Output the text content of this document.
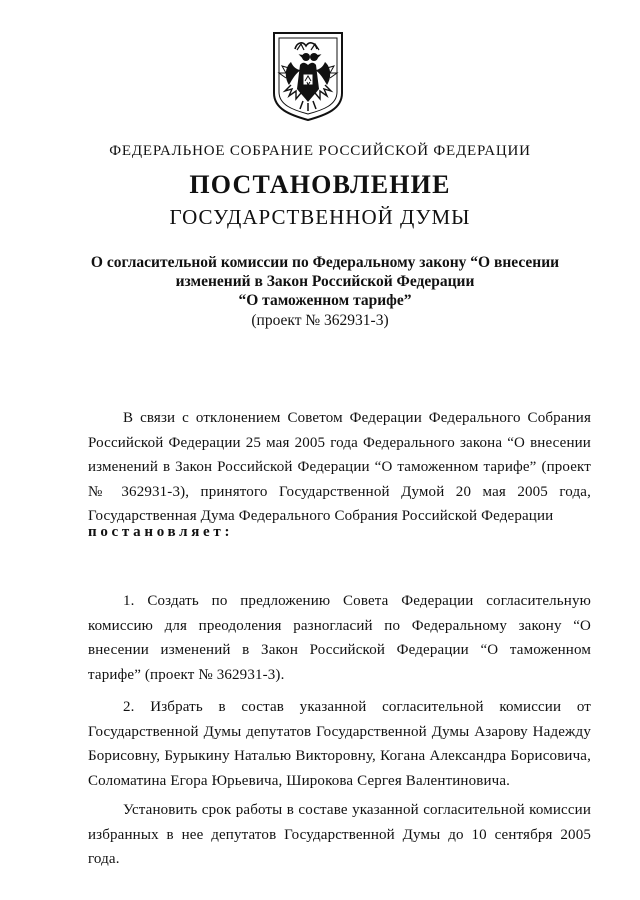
ФЕДЕРАЛЬНОЕ СОБРАНИЕ РОССИЙСКОЙ ФЕДЕРАЦИИ
ПОСТАНОВЛЕНИЕ
ГОСУДАРСТВЕННОЙ ДУМЫ
О согласительной комиссии по Федеральному закону “О внесении
изменений в Закон Российской Федерации
“О таможенном тарифе”
(проект № 362931-3)

В связи с отклонением Советом Федерации Федерального Собрания Российской Федерации 25 мая 2005 года Федерального закона “О внесении изменений в Закон Российской Федерации “О таможенном тарифе” (проект № 362931-3), принятого Государственной Думой 20 мая 2005 года, Государственная Дума Федерального Собрания Российской Федерации

постановляет:

1. Создать по предложению Совета Федерации согласительную комиссию для преодоления разногласий по Федеральному закону “О внесении изменений в Закон Российской Федерации “О таможенном тарифе” (проект № 362931-3).

2. Избрать в состав указанной согласительной комиссии от Государственной Думы депутатов Государственной Думы Азарову Надежду Борисовну, Бурыкину Наталью Викторовну, Когана Александра Борисовича, Соломатина Егора Юрьевича, Широкова Сергея Валентиновича.

Установить срок работы в составе указанной согласительной комиссии избранных в нее депутатов Государственной Думы до 10 сентября 2005 года.
